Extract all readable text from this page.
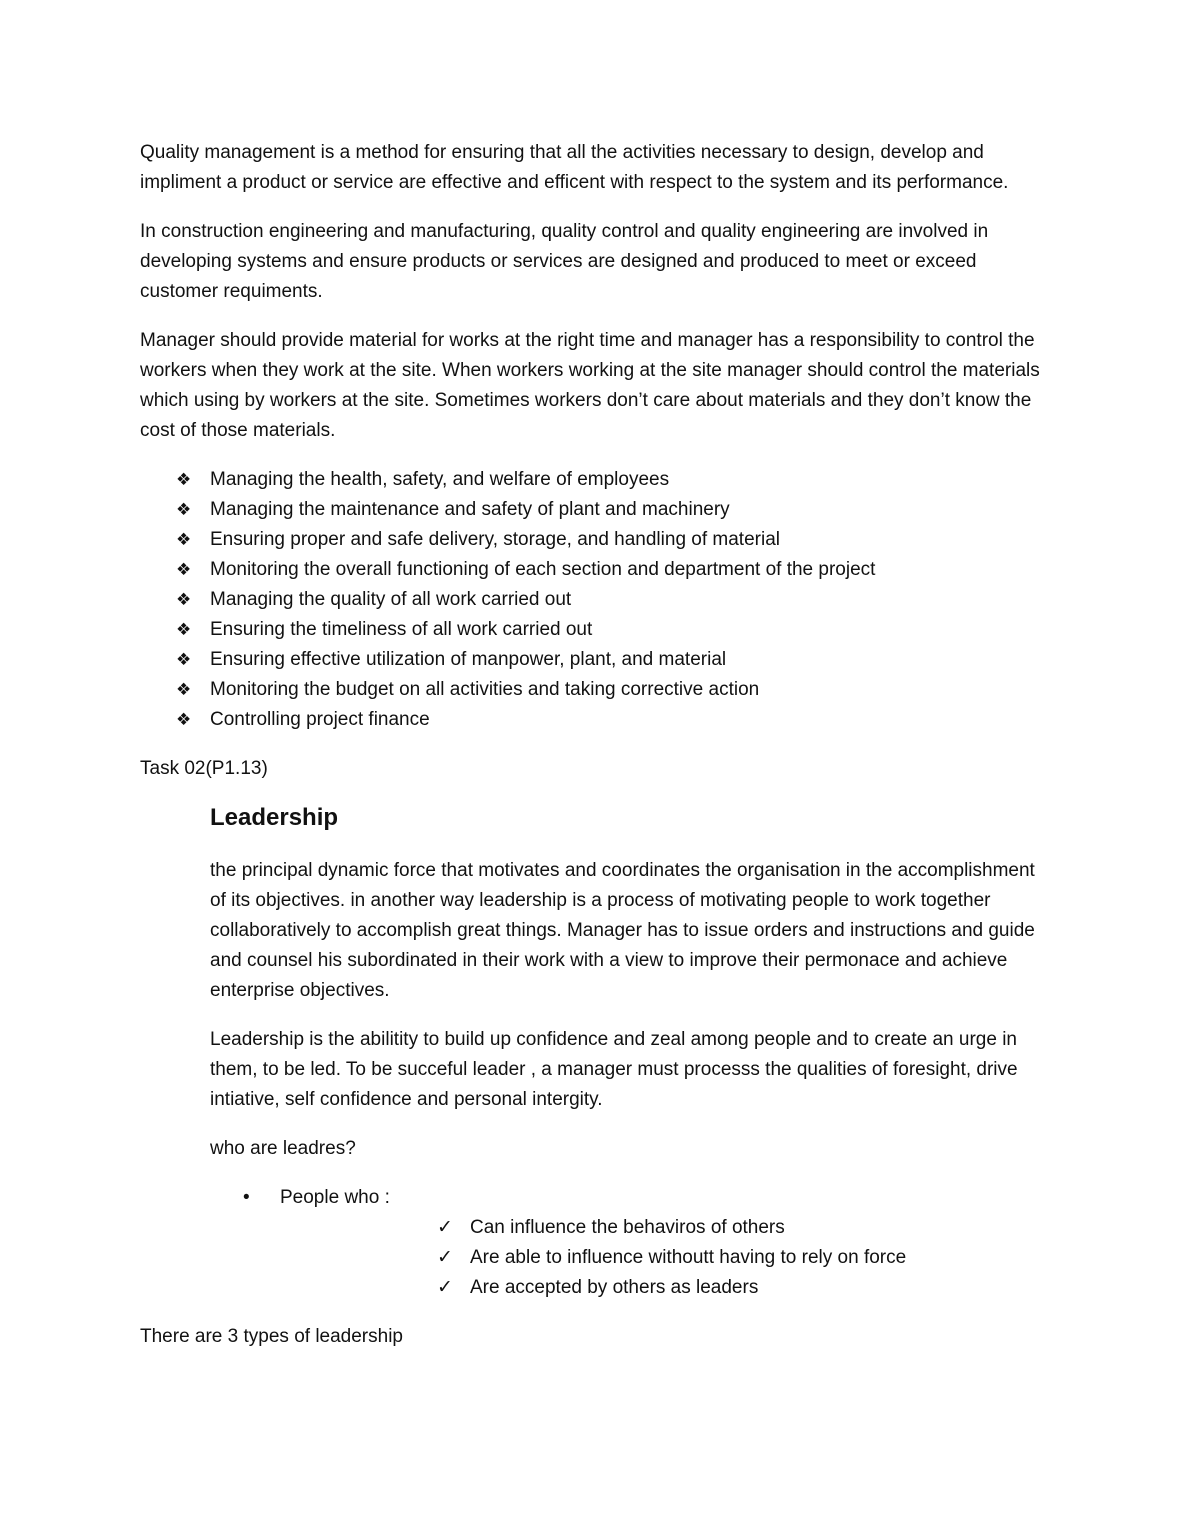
Quality management is a method for ensuring that all the activities necessary to design, develop and impliment a product or service are effective and efficent with respect to the system and its performance.

In construction engineering and manufacturing, quality control and quality engineering are involved in developing systems and ensure products or services are designed and produced to meet or exceed customer requiments.

Manager should provide material for works at the right time and manager has a responsibility to control the workers when they work at the site. When workers working at the site manager should control the materials which using by workers at the site. Sometimes workers don’t care about materials and they don’t know the cost of those materials.

❖ Managing the health, safety, and welfare of employees
❖ Managing the maintenance and safety of plant and machinery
❖ Ensuring proper and safe delivery, storage, and handling of material
❖ Monitoring the overall functioning of each section and department of the project
❖ Managing the quality of all work carried out
❖ Ensuring the timeliness of all work carried out
❖ Ensuring effective utilization of manpower, plant, and material
❖ Monitoring the budget on all activities and taking corrective action
❖ Controlling project finance

Task 02(P1.13)

Leadership

the principal dynamic force that motivates and coordinates the organisation in the accomplishment of its objectives. in another way leadership is a process of motivating people to work together collaboratively to accomplish great things. Manager has to issue orders and instructions and guide and counsel his subordinated in their work with a view to improve their permonace and achieve enterprise objectives.

Leadership is the abilitity to build up confidence and zeal among people and to create an urge in them, to be led. To be succeful leader , a manager must processs the qualities of foresight, drive intiative, self confidence and personal intergity.

who are leadres?

• People who :
✓ Can influence the behaviros of others
✓ Are able to influence withoutt having to rely on force
✓ Are accepted by others as leaders

There are 3 types of leadership
